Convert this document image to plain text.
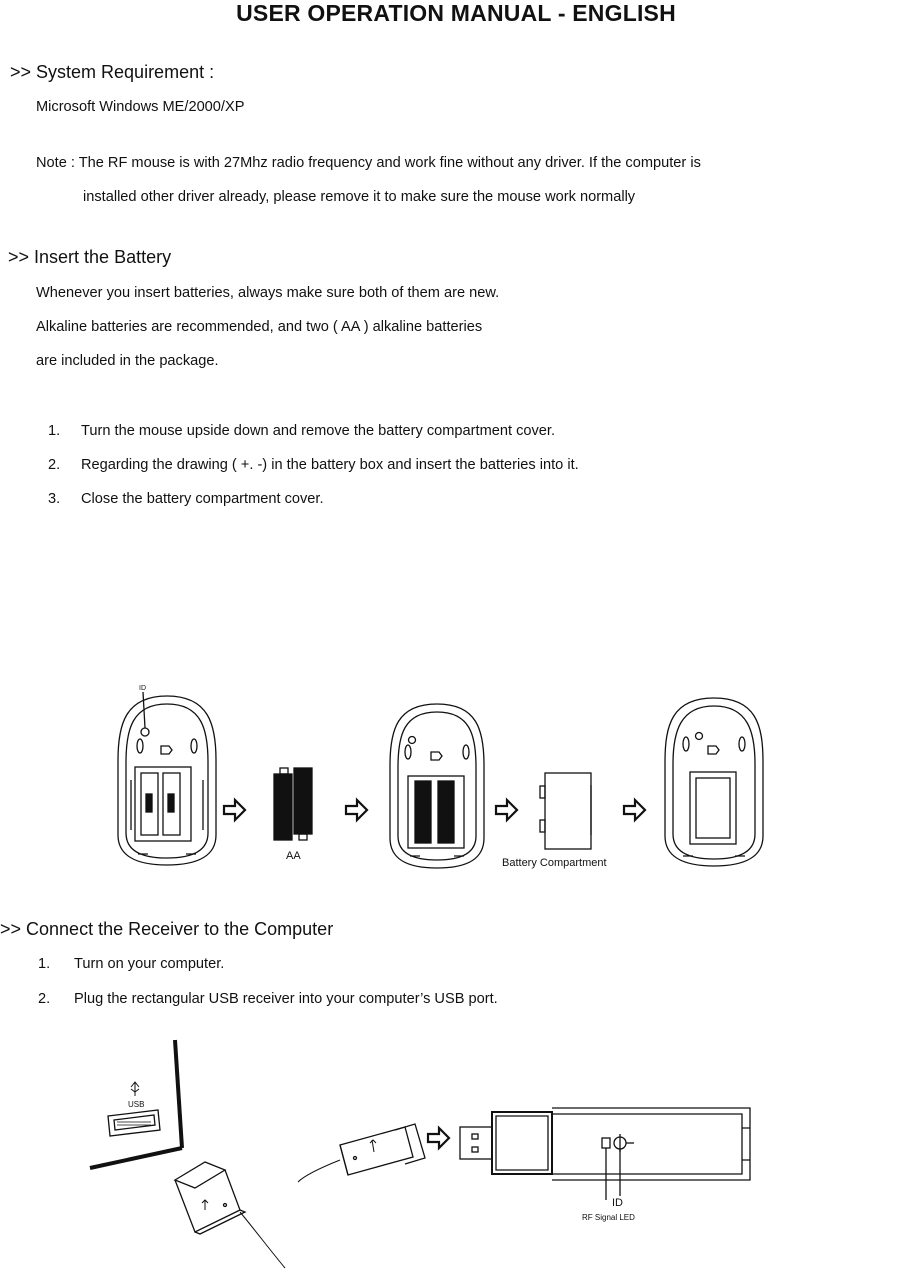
USER OPERATION MANUAL - ENGLISH
>> System Requirement :
Microsoft Windows ME/2000/XP
Note : The RF mouse is with 27Mhz radio frequency and work fine without any driver. If the computer is
installed other driver already, please remove it to make sure the mouse work normally
>> Insert the Battery
Whenever you insert batteries, always make sure both of them are new.
Alkaline batteries are recommended, and two ( AA ) alkaline batteries
are included in the package.
1. Turn the mouse upside down and remove the battery compartment cover.
2. Regarding the drawing ( +. -) in the battery box and insert the batteries into it.
3. Close the battery compartment cover.
ID
AA
Battery Compartment
>> Connect the Receiver to the Computer
1. Turn on your computer.
2. Plug the rectangular USB receiver into your computer’s USB port.
USB
ID
RF Signal LED
